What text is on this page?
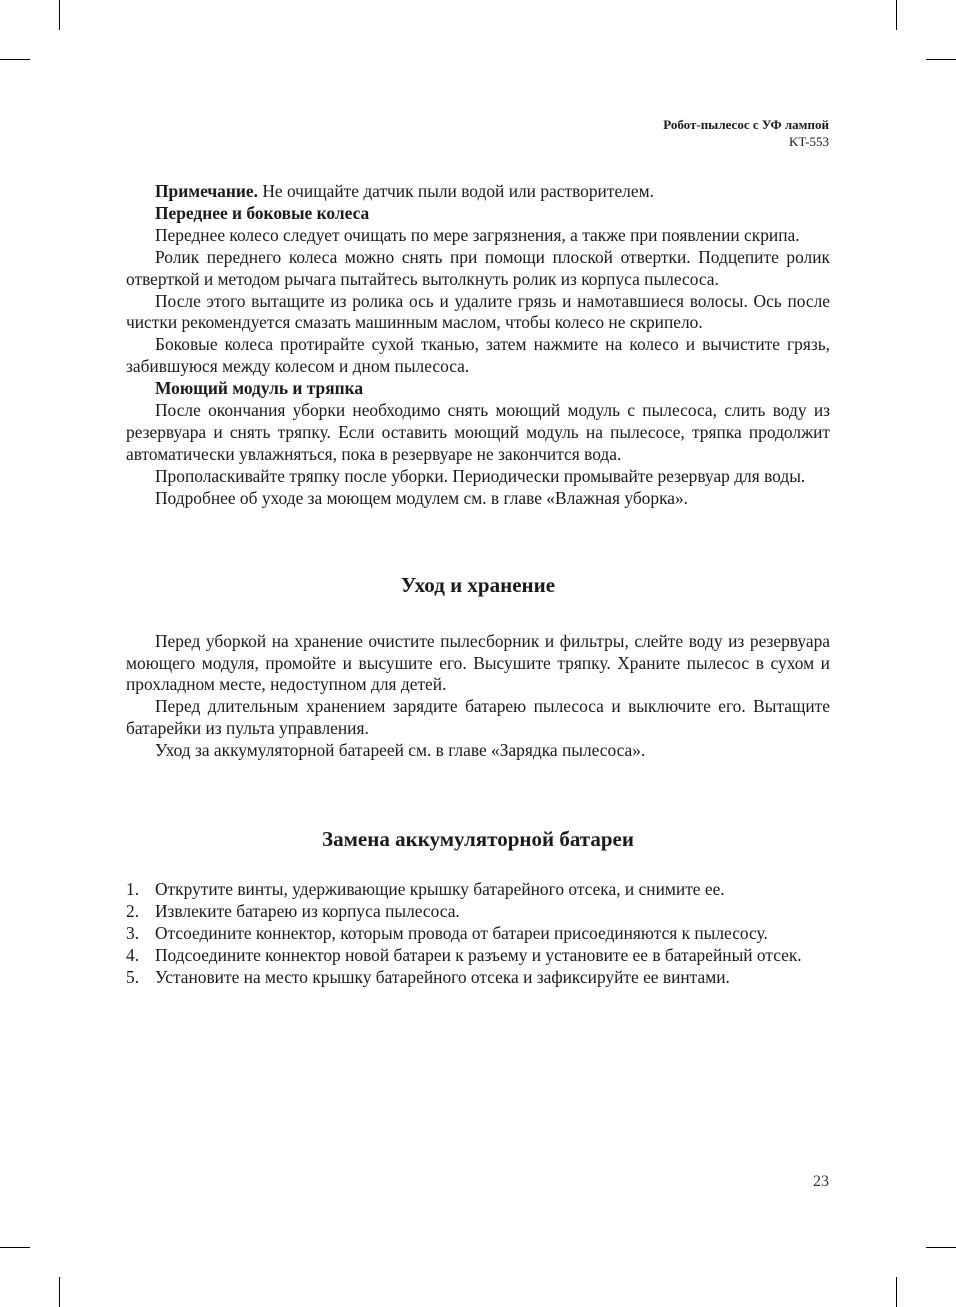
Робот-пылесос с УФ лампой
KT-553

Примечание. Не очищайте датчик пыли водой или растворителем.

Переднее и боковые колеса

Переднее колесо следует очищать по мере загрязнения, а также при появлении скрипа.

Ролик переднего колеса можно снять при помощи плоской отвертки. Подцепите ролик отверткой и методом рычага пытайтесь вытолкнуть ролик из корпуса пылесоса.

После этого вытащите из ролика ось и удалите грязь и намотавшиеся волосы. Ось после чистки рекомендуется смазать машинным маслом, чтобы колесо не скрипело.

Боковые колеса протирайте сухой тканью, затем нажмите на колесо и вычистите грязь, забившуюся между колесом и дном пылесоса.

Моющий модуль и тряпка

После окончания уборки необходимо снять моющий модуль с пылесоса, слить воду из резервуара и снять тряпку. Если оставить моющий модуль на пылесосе, тряпка продолжит автоматически увлажняться, пока в резервуаре не закончится вода.

Прополаскивайте тряпку после уборки. Периодически промывайте резервуар для воды.

Подробнее об уходе за моющем модулем см. в главе «Влажная уборка».

Уход и хранение

Перед уборкой на хранение очистите пылесборник и фильтры, слейте воду из резервуара моющего модуля, промойте и высушите его. Высушите тряпку. Храните пылесос в сухом и прохладном месте, недоступном для детей.

Перед длительным хранением зарядите батарею пылесоса и выключите его. Вытащите батарейки из пульта управления.

Уход за аккумуляторной батареей см. в главе «Зарядка пылесоса».

Замена аккумуляторной батареи
1. Открутите винты, удерживающие крышку батарейного отсека, и снимите ее.
2. Извлеките батарею из корпуса пылесоса.
3. Отсоедините коннектор, которым провода от батареи присоединяются к пылесосу.
4. Подсоедините коннектор новой батареи к разъему и установите ее в батарейный отсек.
5. Установите на место крышку батарейного отсека и зафиксируйте ее винтами.
23
